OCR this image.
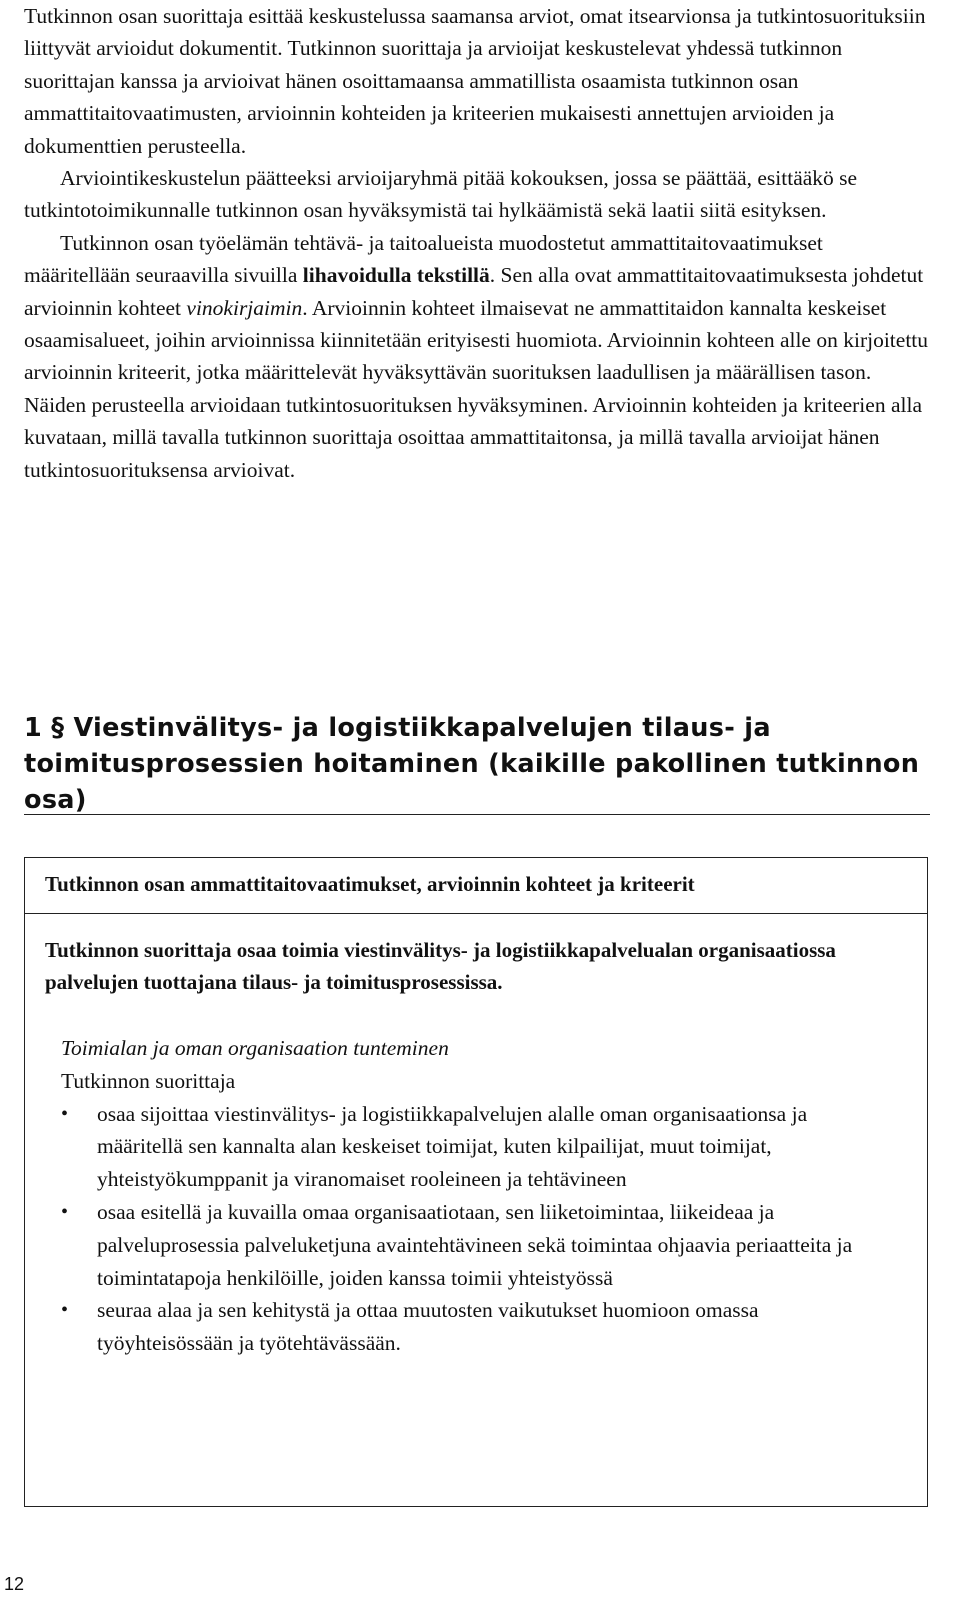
Tutkinnon osan suorittaja esittää keskustelussa saamansa arviot, omat itsearvionsa ja tutkintosuorituksiin liittyvät arvioidut dokumentit. Tutkinnon suorittaja ja arvioijat keskustelevat yhdessä tutkinnon suorittajan kanssa ja arvioivat hänen osoittamaansa ammatillista osaamista tutkinnon osan ammattitaitovaatimusten, arvioinnin kohteiden ja kriteerien mukaisesti annettujen arvioiden ja dokumenttien perusteella.

Arviointikeskustelun päätteeksi arvioijaryhmä pitää kokouksen, jossa se päättää, esittääkö se tutkintotoimikunnalle tutkinnon osan hyväksymistä tai hylkäämistä sekä laatii siitä esityksen.

Tutkinnon osan työelämän tehtävä- ja taitoalueista muodostetut ammattitaitovaatimukset määritellään seuraavilla sivuilla lihavoidulla tekstillä. Sen alla ovat ammattitaitovaatimuksesta johdetut arvioinnin kohteet vinokirjaimin. Arvioinnin kohteet ilmaisevat ne ammattitaidon kannalta keskeiset osaamisalueet, joihin arvioinnissa kiinnitetään erityisesti huomiota. Arvioinnin kohteen alle on kirjoitettu arvioinnin kriteerit, jotka määrittelevät hyväksyttävän suorituksen laadullisen ja määrällisen tason. Näiden perusteella arvioidaan tutkintosuorituksen hyväksyminen. Arvioinnin kohteiden ja kriteerien alla kuvataan, millä tavalla tutkinnon suorittaja osoittaa ammattitaitonsa, ja millä tavalla arvioijat hänen tutkintosuorituksensa arvioivat.

1 § Viestinvälitys- ja logistiikkapalvelujen tilaus- ja toimitusprosessien hoitaminen (kaikille pakollinen tutkinnon osa)
Tutkinnon osan ammattitaitovaatimukset, arvioinnin kohteet ja kriteerit
Tutkinnon suorittaja osaa toimia viestinvälitys- ja logistiikkapalvelualan organisaatiossa palvelujen tuottajana tilaus- ja toimitusprosessissa.
Toimialan ja oman organisaation tunteminen
Tutkinnon suorittaja
• osaa sijoittaa viestinvälitys- ja logistiikkapalvelujen alalle oman organisaationsa ja määritellä sen kannalta alan keskeiset toimijat, kuten kilpailijat, muut toimijat, yhteistyökumppanit ja viranomaiset rooleineen ja tehtävineen
• osaa esitellä ja kuvailla omaa organisaatiotaan, sen liiketoimintaa, liikeideaa ja palveluprosessia palveluketjuna avaintehtävineen sekä toimintaa ohjaavia periaatteita ja toimintatapoja henkilöille, joiden kanssa toimii yhteistyössä
• seuraa alaa ja sen kehitystä ja ottaa muutosten vaikutukset huomioon omassa työyhteisössään ja työtehtävässään.
12
